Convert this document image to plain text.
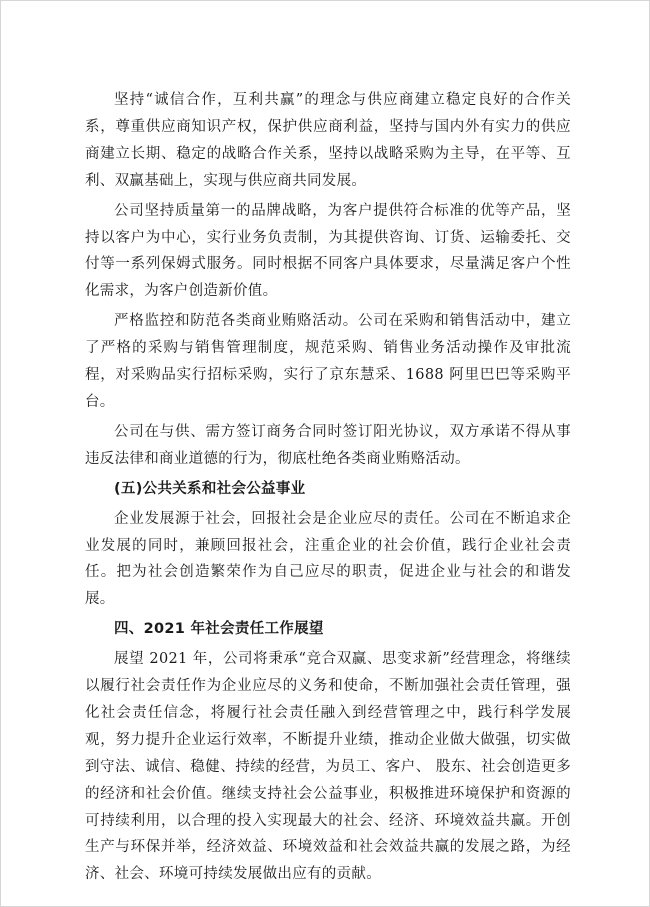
坚持“诚信合作，互利共赢”的理念与供应商建立稳定良好的合作关系，尊重供应商知识产权，保护供应商利益，坚持与国内外有实力的供应商建立长期、稳定的战略合作关系，坚持以战略采购为主导，在平等、互利、双赢基础上，实现与供应商共同发展。

公司坚持质量第一的品牌战略，为客户提供符合标准的优等产品，坚持以客户为中心，实行业务负责制，为其提供咨询、订货、运输委托、交付等一系列保姆式服务。同时根据不同客户具体要求，尽量满足客户个性化需求，为客户创造新价值。

严格监控和防范各类商业贿赂活动。公司在采购和销售活动中，建立了严格的采购与销售管理制度，规范采购、销售业务活动操作及审批流程，对采购品实行招标采购，实行了京东慧采、1688 阿里巴巴等采购平台。

公司在与供、需方签订商务合同时签订阳光协议，双方承诺不得从事违反法律和商业道德的行为，彻底杜绝各类商业贿赂活动。

(五)公共关系和社会公益事业

企业发展源于社会，回报社会是企业应尽的责任。公司在不断追求企业发展的同时，兼顾回报社会，注重企业的社会价值，践行企业社会责任。把为社会创造繁荣作为自己应尽的职责，促进企业与社会的和谐发展。

四、2021 年社会责任工作展望

展望 2021 年，公司将秉承“竞合双赢、思变求新”经营理念，将继续以履行社会责任作为企业应尽的义务和使命，不断加强社会责任管理，强化社会责任信念，将履行社会责任融入到经营管理之中，践行科学发展观，努力提升企业运行效率，不断提升业绩，推动企业做大做强，切实做到守法、诚信、稳健、持续的经营，为员工、客户、 股东、社会创造更多的经济和社会价值。继续支持社会公益事业，积极推进环境保护和资源的可持续利用，以合理的投入实现最大的社会、经济、环境效益共赢。开创生产与环保并举，经济效益、环境效益和社会效益共赢的发展之路，为经济、社会、环境可持续发展做出应有的贡献。
